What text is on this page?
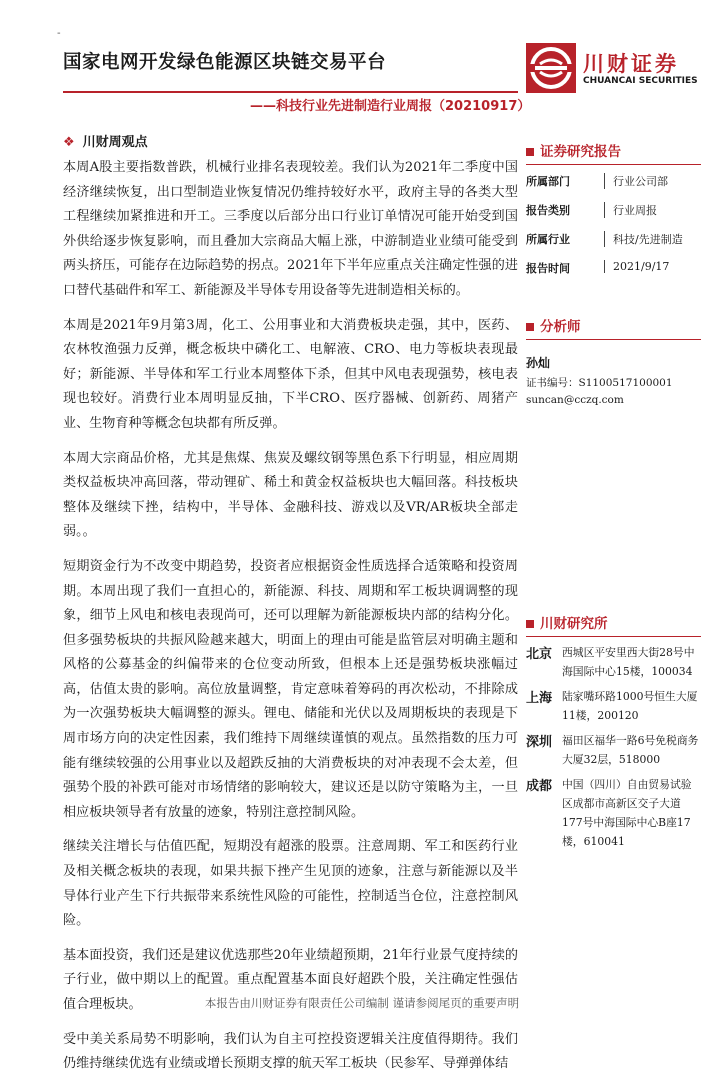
-
国家电网开发绿色能源区块链交易平台	川财证券
CHUANCAI SECURITIES
——科技行业先进制造行业周报（20210917）
❖ 川财周观点

本周A股主要指数普跌，机械行业排名表现较差。我们认为2021年二季度中国经济继续恢复，出口型制造业恢复情况仍维持较好水平，政府主导的各类大型工程继续加紧推进和开工。三季度以后部分出口行业订单情况可能开始受到国外供给逐步恢复影响，而且叠加大宗商品大幅上涨，中游制造业业绩可能受到两头挤压，可能存在边际趋势的拐点。2021年下半年应重点关注确定性强的进口替代基础件和军工、新能源及半导体专用设备等先进制造相关标的。

本周是2021年9月第3周，化工、公用事业和大消费板块走强，其中，医药、农林牧渔强力反弹，概念板块中磷化工、电解液、CRO、电力等板块表现最好；新能源、半导体和军工行业本周整体下杀，但其中风电表现强势，核电表现也较好。消费行业本周明显反抽，下半CRO、医疗器械、创新药、周猪产业、生物育种等概念包块都有所反弹。

本周大宗商品价格，尤其是焦煤、焦炭及螺纹钢等黑色系下行明显，相应周期类权益板块冲高回落，带动锂矿、稀土和黄金权益板块也大幅回落。科技板块整体及继续下挫，结构中，半导体、金融科技、游戏以及VR/AR板块全部走弱。。

短期资金行为不改变中期趋势，投资者应根据资金性质选择合适策略和投资周期。本周出现了我们一直担心的，新能源、科技、周期和军工板块调调整的现象，细节上风电和核电表现尚可，还可以理解为新能源板块内部的结构分化。但多强势板块的共振风险越来越大，明面上的理由可能是监管层对明确主题和风格的公募基金的纠偏带来的仓位变动所致，但根本上还是强势板块涨幅过高，估值太贵的影响。高位放量调整，肯定意味着筹码的再次松动，不排除成为一次强势板块大幅调整的源头。锂电、储能和光伏以及周期板块的表现是下周市场方向的决定性因素，我们维持下周继续谨慎的观点。虽然指数的压力可能有继续较强的公用事业以及超跌反抽的大消费板块的对冲表现不会太差，但强势个股的补跌可能对市场情绪的影响较大，建议还是以防守策略为主，一旦相应板块领导者有放量的迹象，特别注意控制风险。

继续关注增长与估值匹配，短期没有超涨的股票。注意周期、军工和医药行业及相关概念板块的表现，如果共振下挫产生见顶的迹象，注意与新能源以及半导体行业产生下行共振带来系统性风险的可能性，控制适当仓位，注意控制风险。

基本面投资，我们还是建议优选那些20年业绩超预期，21年行业景气度持续的子行业，做中期以上的配置。重点配置基本面良好超跌个股，关注确定性强估值合理板块。

受中美关系局势不明影响，我们认为自主可控投资逻辑关注度值得期待。我们仍维持继续优选有业绩或增长预期支撑的航天军工板块（民参军、导弹弹体结

证券研究报告
所属部门	行业公司部
报告类别	行业周报
所属行业	科技/先进制造
报告时间	2021/9/17
分析师
孙灿
证书编号：S1100517100001
suncan@cczq.com
川财研究所
北京 西城区平安里西大街28号中海国际中心15楼，100034
上海 陆家嘴环路1000号恒生大厦11楼，200120
深圳 福田区福华一路6号免税商务大厦32层，518000
成都 中国（四川）自由贸易试验区成都市高新区交子大道177号中海国际中心B座17楼，610041
本报告由川财证券有限责任公司编制 谨请参阅尾页的重要声明
